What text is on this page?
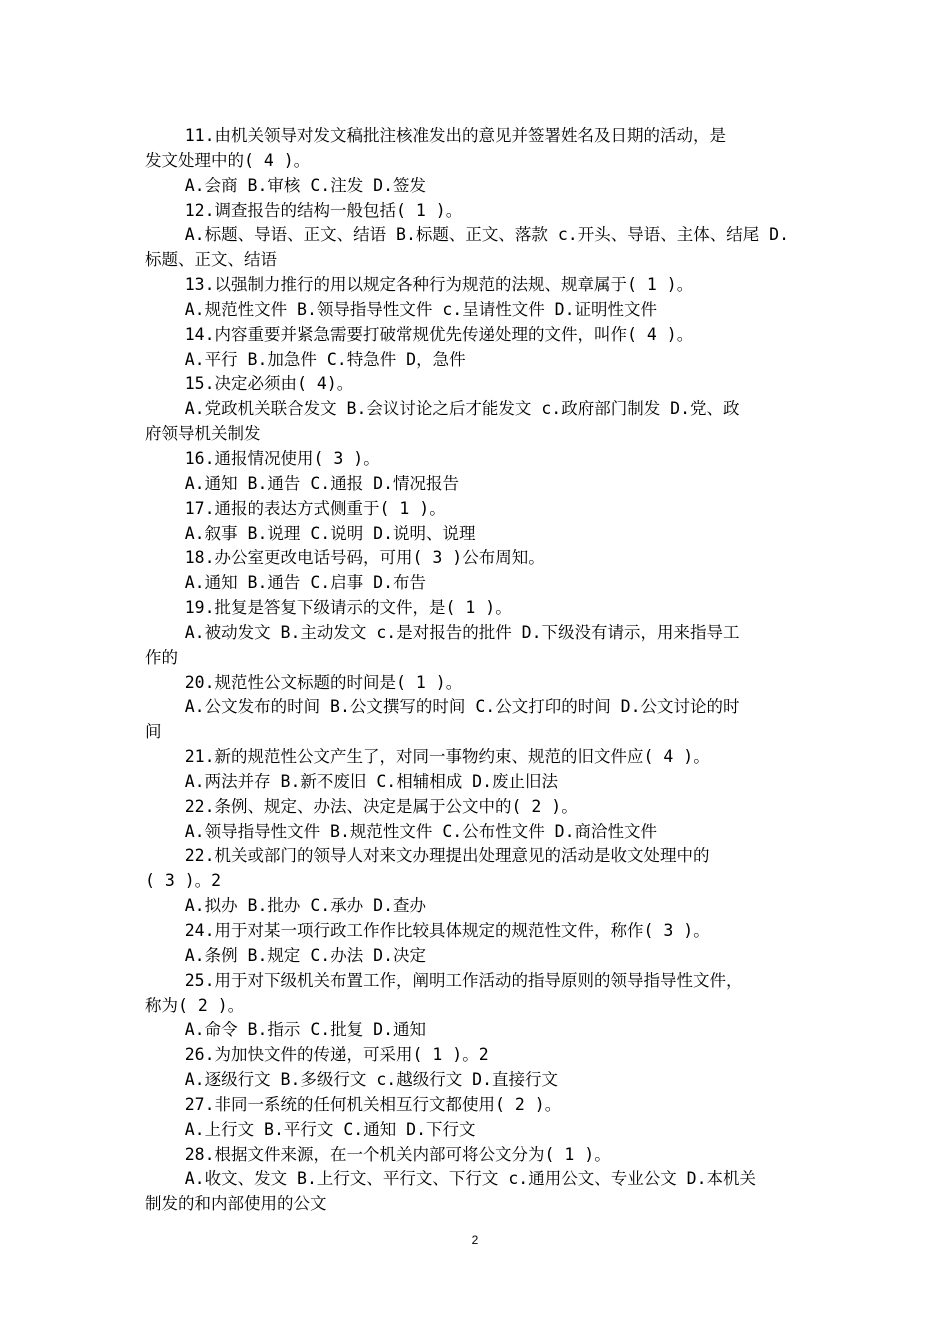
11.由机关领导对发文稿批注核准发出的意见并签署姓名及日期的活动，是
发文处理中的( 4 )。
A.会商 B.审核 C.注发 D.签发
12.调查报告的结构一般包括( 1 )。
A.标题、导语、正文、结语 B.标题、正文、落款 c.开头、导语、主体、结尾 D.
标题、正文、结语
13.以强制力推行的用以规定各种行为规范的法规、规章属于( 1 )。
A.规范性文件 B.领导指导性文件 c.呈请性文件 D.证明性文件
14.内容重要并紧急需要打破常规优先传递处理的文件，叫作( 4 )。
A.平行 B.加急件 C.特急件 D，急件
15.决定必须由( 4)。
A.党政机关联合发文 B.会议讨论之后才能发文 c.政府部门制发 D.党、政
府领导机关制发
16.通报情况使用( 3 )。
A.通知 B.通告 C.通报 D.情况报告
17.通报的表达方式侧重于( 1 )。
A.叙事 B.说理 C.说明 D.说明、说理
18.办公室更改电话号码，可用( 3 )公布周知。
A.通知 B.通告 C.启事 D.布告
19.批复是答复下级请示的文件，是( 1 )。
A.被动发文 B.主动发文 c.是对报告的批件 D.下级没有请示，用来指导工
作的
20.规范性公文标题的时间是( 1 )。
A.公文发布的时间 B.公文撰写的时间 C.公文打印的时间 D.公文讨论的时
间
21.新的规范性公文产生了，对同一事物约束、规范的旧文件应( 4 )。
A.两法并存 B.新不废旧 C.相辅相成 D.废止旧法
22.条例、规定、办法、决定是属于公文中的( 2 )。
A.领导指导性文件 B.规范性文件 C.公布性文件 D.商洽性文件
22.机关或部门的领导人对来文办理提出处理意见的活动是收文处理中的
( 3 )。2
A.拟办 B.批办 C.承办 D.查办
24.用于对某一项行政工作作比较具体规定的规范性文件，称作( 3 )。
A.条例 B.规定 C.办法 D.决定
25.用于对下级机关布置工作，阐明工作活动的指导原则的领导指导性文件，
称为( 2 )。
A.命令 B.指示 C.批复 D.通知
26.为加快文件的传递，可采用( 1 )。2
A.逐级行文 B.多级行文 c.越级行文 D.直接行文
27.非同一系统的任何机关相互行文都使用( 2 )。
A.上行文 B.平行文 C.通知 D.下行文
28.根据文件来源，在一个机关内部可将公文分为( 1 )。
A.收文、发文 B.上行文、平行文、下行文 c.通用公文、专业公文 D.本机关
制发的和内部使用的公文
2
